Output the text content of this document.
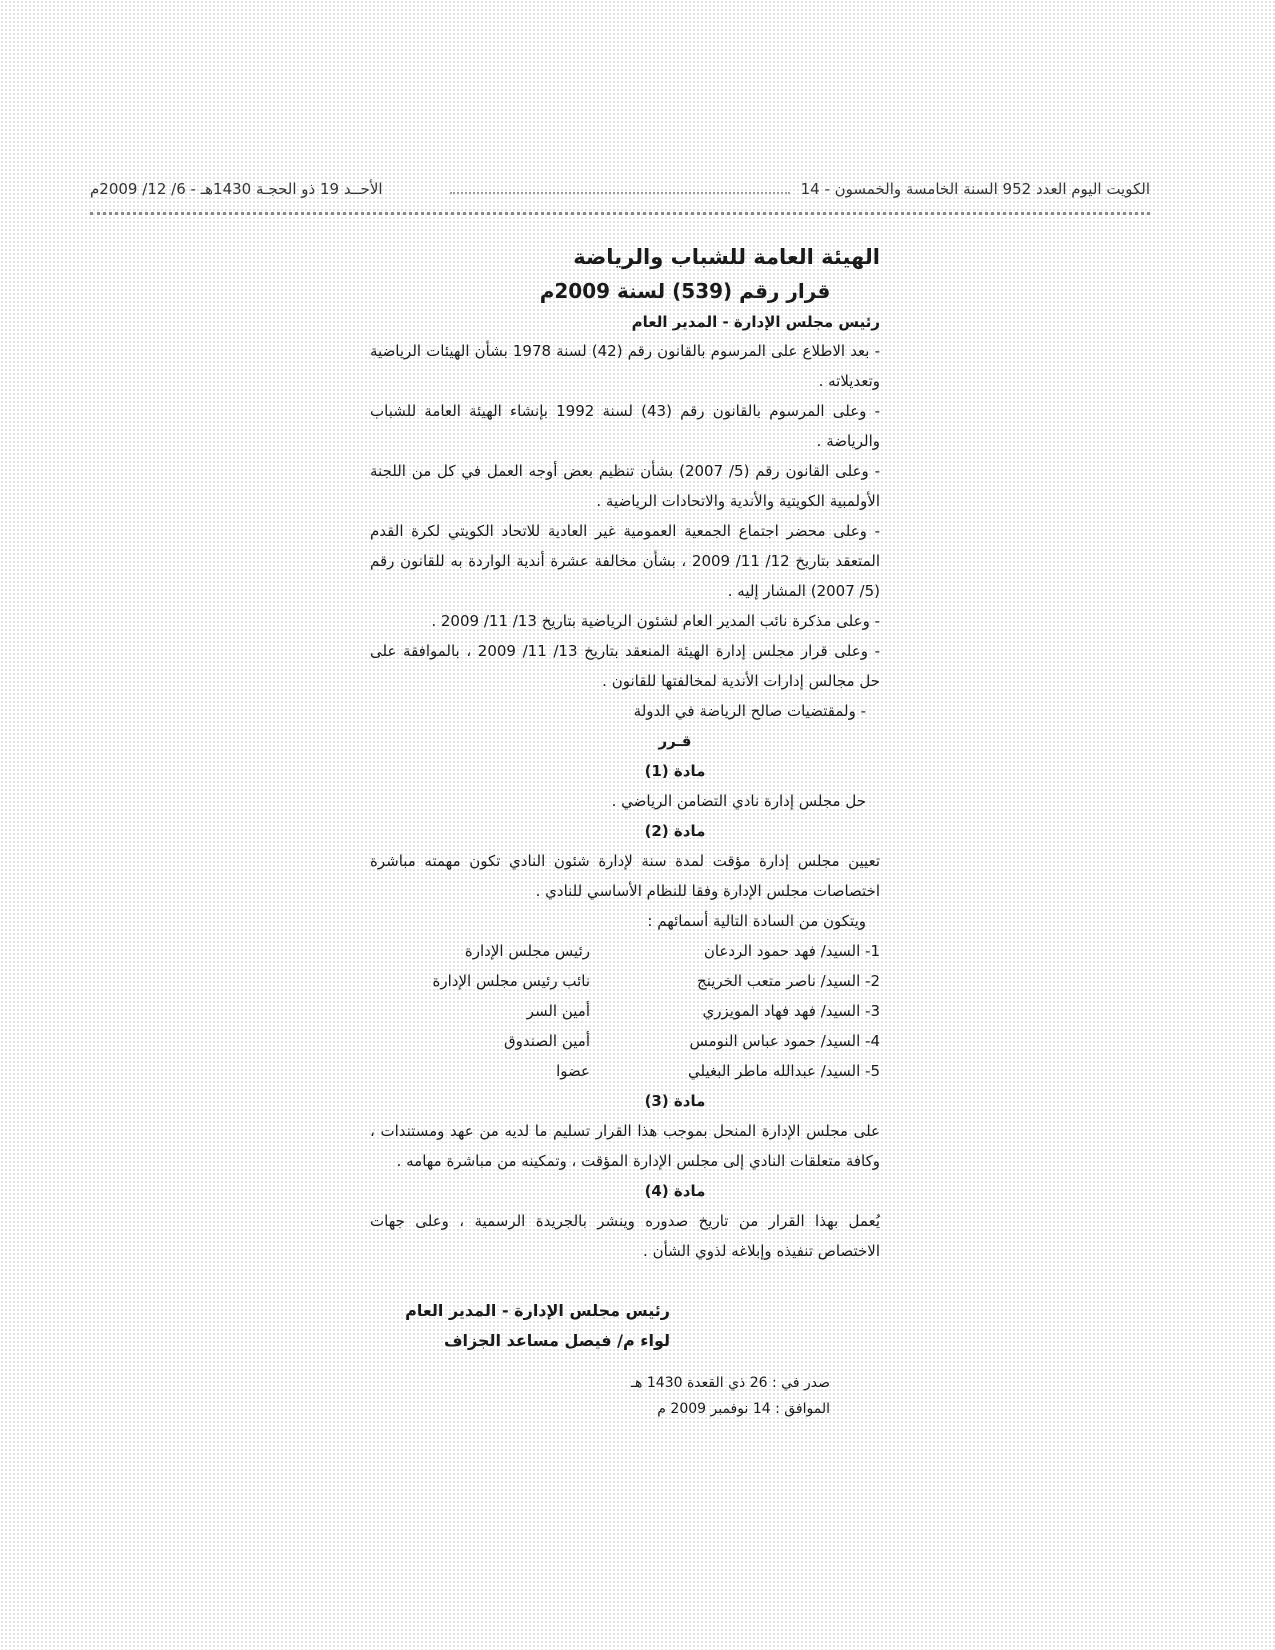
الكويت اليوم العدد 952 السنة الخامسة والخمسون - 14
الأحــد 19 ذو الحجـة 1430هـ - 6/ 12/ 2009م
الهيئة العامة للشباب والرياضة
قرار رقم (539) لسنة 2009م
رئيس مجلس الإدارة - المدير العام

- بعد الاطلاع على المرسوم بالقانون رقم (42) لسنة 1978 بشأن الهيئات الرياضية وتعديلاته .

- وعلى المرسوم بالقانون رقم (43) لسنة 1992 بإنشاء الهيئة العامة للشباب والرياضة .

- وعلى القانون رقم (5/ 2007) بشأن تنظيم بعض أوجه العمل في كل من اللجنة الأولمبية الكويتية والأندية والاتحادات الرياضية .

- وعلى محضر اجتماع الجمعية العمومية غير العادية للاتحاد الكويتي لكرة القدم المتعقد بتاريخ 12/ 11/ 2009 ، بشأن مخالفة عشرة أندية الواردة به للقانون رقم (5/ 2007) المشار إليه .

- وعلى مذكرة نائب المدير العام لشئون الرياضية بتاريخ 13/ 11/ 2009 .

- وعلى قرار مجلس إدارة الهيئة المنعقد بتاريخ 13/ 11/ 2009 ، بالموافقة على حل مجالس إدارات الأندية لمخالفتها للقانون .

- ولمقتضيات صالح الرياضة في الدولة

قـرر
مادة (1)

حل مجلس إدارة نادي التضامن الرياضي .

مادة (2)

تعيين مجلس إدارة مؤقت لمدة سنة لإدارة شئون النادي تكون مهمته مباشرة اختصاصات مجلس الإدارة وفقا للنظام الأساسي للنادي .

ويتكون من السادة التالية أسمائهم :

1- السيد/ فهد حمود الردعان
رئيس مجلس الإدارة
2- السيد/ ناصر متعب الخرينج
نائب رئيس مجلس الإدارة
3- السيد/ فهد فهاد المويزري
أمين السر
4- السيد/ حمود عباس النومس
أمين الصندوق
5- السيد/ عبدالله ماطر البغيلي
عضوا
مادة (3)

على مجلس الإدارة المنحل بموجب هذا القرار تسليم ما لديه من عهد ومستندات ، وكافة متعلقات النادي إلى مجلس الإدارة المؤقت ، وتمكينه من مباشرة مهامه .

مادة (4)

يُعمل بهذا القرار من تاريخ صدوره وينشر بالجريدة الرسمية ، وعلى جهات الاختصاص تنفيذه وإبلاغه لذوي الشأن .

رئيس مجلس الإدارة - المدير العام
لواء م/ فيصل مساعد الجزاف
صدر في : 26 ذي القعدة 1430 هـ
الموافق : 14 نوفمبر 2009 م
